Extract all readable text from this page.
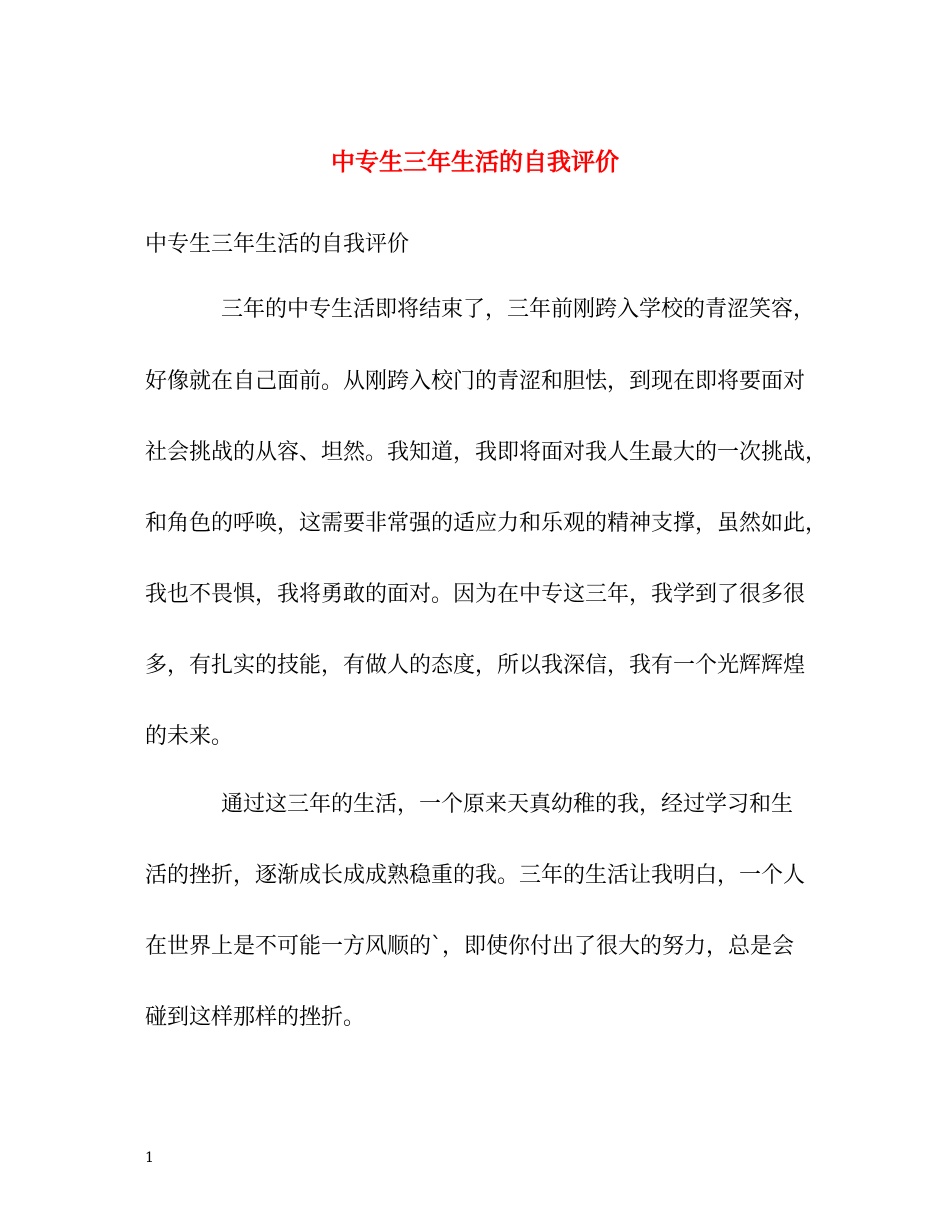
中专生三年生活的自我评价

中专生三年生活的自我评价

三年的中专生活即将结束了，三年前刚跨入学校的青涩笑容，

好像就在自己面前。从刚跨入校门的青涩和胆怯，到现在即将要面对

社会挑战的从容、坦然。我知道，我即将面对我人生最大的一次挑战，

和角色的呼唤，这需要非常强的适应力和乐观的精神支撑，虽然如此，

我也不畏惧，我将勇敢的面对。因为在中专这三年，我学到了很多很

多，有扎实的技能，有做人的态度，所以我深信，我有一个光辉辉煌

的未来。

通过这三年的生活，一个原来天真幼稚的我，经过学习和生

活的挫折，逐渐成长成成熟稳重的我。三年的生活让我明白，一个人

在世界上是不可能一方风顺的`，即使你付出了很大的努力，总是会

碰到这样那样的挫折。

1
